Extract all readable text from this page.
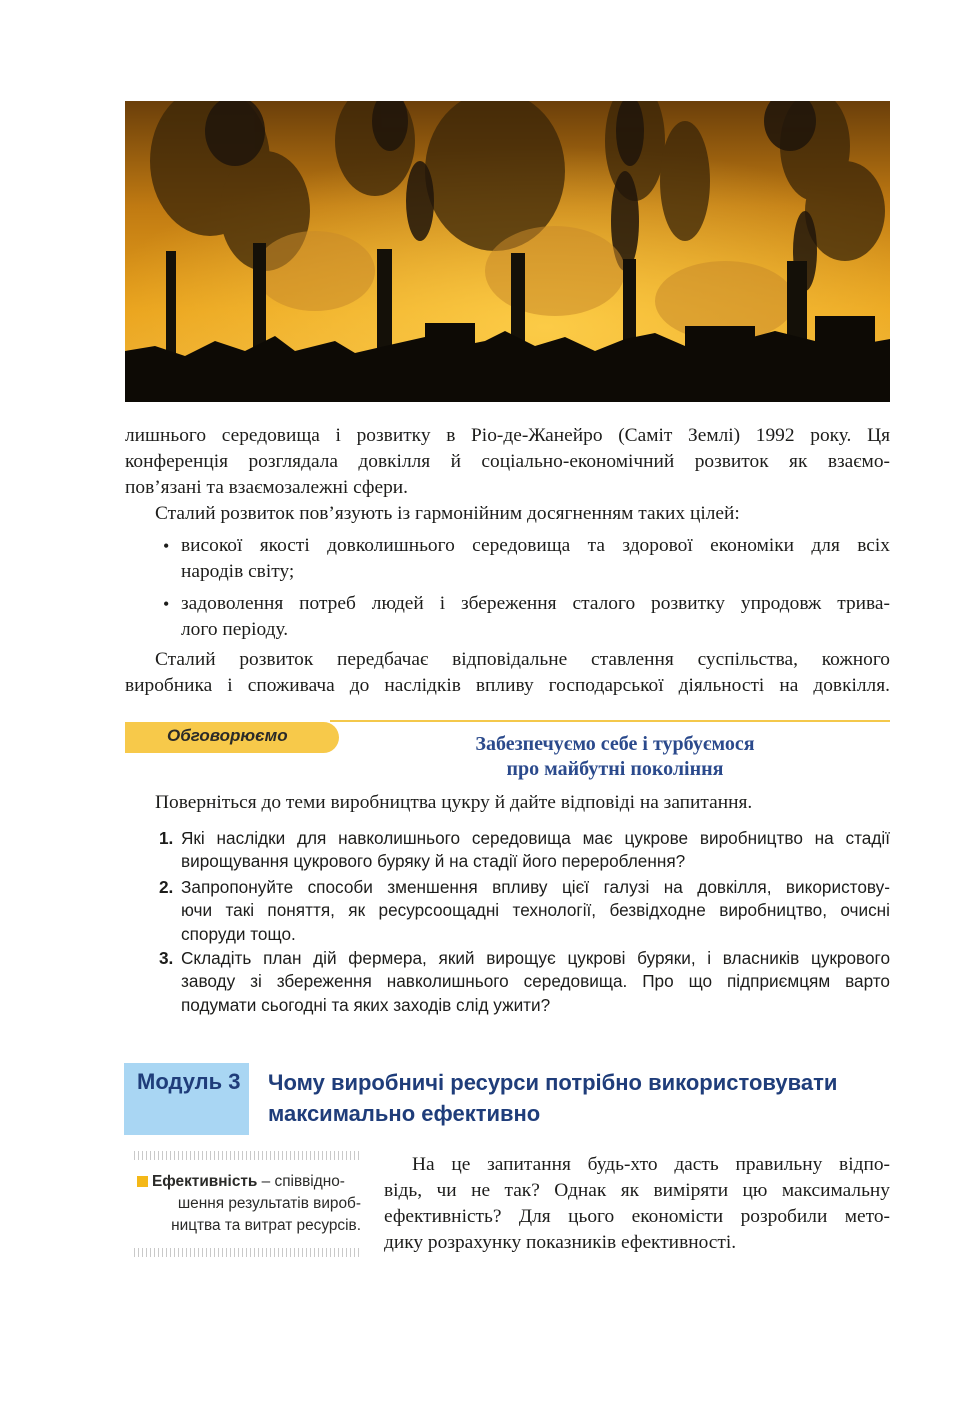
лишнього середовища і розвитку в Ріо-де-Жанейро (Саміт Землі) 1992 року. Ця
конференція розглядала довкілля й соціально-економічний розвиток як взаємо-
пов’язані та взаємозалежні сфери.
Сталий розвиток пов’язують із гармонійним досягненням таких цілей:
• високої якості довколишнього середовища та здорової економіки для всіх
народів світу;
• задоволення потреб людей і збереження сталого розвитку упродовж трива-
лого періоду.
Сталий розвиток передбачає відповідальне ставлення суспільства, кожного
виробника і споживача до наслідків впливу господарської діяльності на довкілля.
Обговорюємо	Забезпечуємо себе і турбуємося
про майбутні покоління
Поверніться до теми виробництва цукру й дайте відповіді на запитання.
1. Які наслідки для навколишнього середовища має цукрове виробництво на стадії
вирощування цукрового буряку й на стадії його перероблення?
2. Запропонуйте способи зменшення впливу цієї галузі на довкілля, використову-
ючи такі поняття, як ресурсоощадні технології, безвідходне виробництво, очисні
споруди тощо.
3. Складіть план дій фермера, який вирощує цукрові буряки, і власників цукрового
заводу зі збереження навколишнього середовища. Про що підприємцям варто
подумати сьогодні та яких заходів слід ужити?
Модуль 3 Чому виробничі ресурси потрібно використовувати
максимально ефективно
Ефективність – співвідно-
шення результатів вироб-
ництва та витрат ресурсів.
На це запитання будь-хто дасть правильну відпо-
відь, чи не так? Однак як виміряти цю максимальну
ефективність? Для цього економісти розробили мето-
дику розрахунку показників ефективності.
